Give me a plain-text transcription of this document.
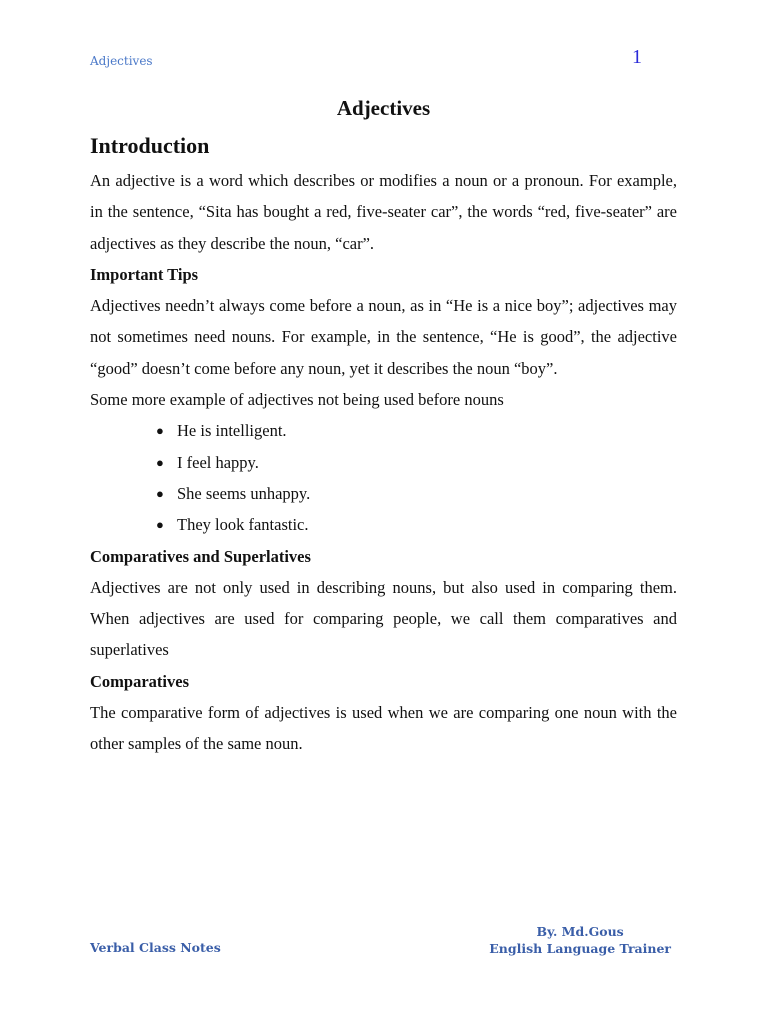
Adjectives	1
Adjectives
Introduction

An adjective is a word which describes or modifies a noun or a pronoun. For example, in the sentence, “Sita has bought a red, five-seater car”, the words “red, five-seater” are adjectives as they describe the noun, “car”.

Important Tips

Adjectives needn’t always come before a noun, as in “He is a nice boy”; adjectives may not sometimes need nouns. For example, in the sentence, “He is good”, the adjective “good” doesn’t come before any noun, yet it describes the noun “boy”.

Some more example of adjectives not being used before nouns

● He is intelligent.
● I feel happy.
● She seems unhappy.
● They look fantastic.
Comparatives and Superlatives

Adjectives are not only used in describing nouns, but also used in comparing them. When adjectives are used for comparing people, we call them comparatives and superlatives

Comparatives

The comparative form of adjectives is used when we are comparing one noun with the other samples of the same noun.

Verbal Class Notes
By. Md.Gous
English Language Trainer
